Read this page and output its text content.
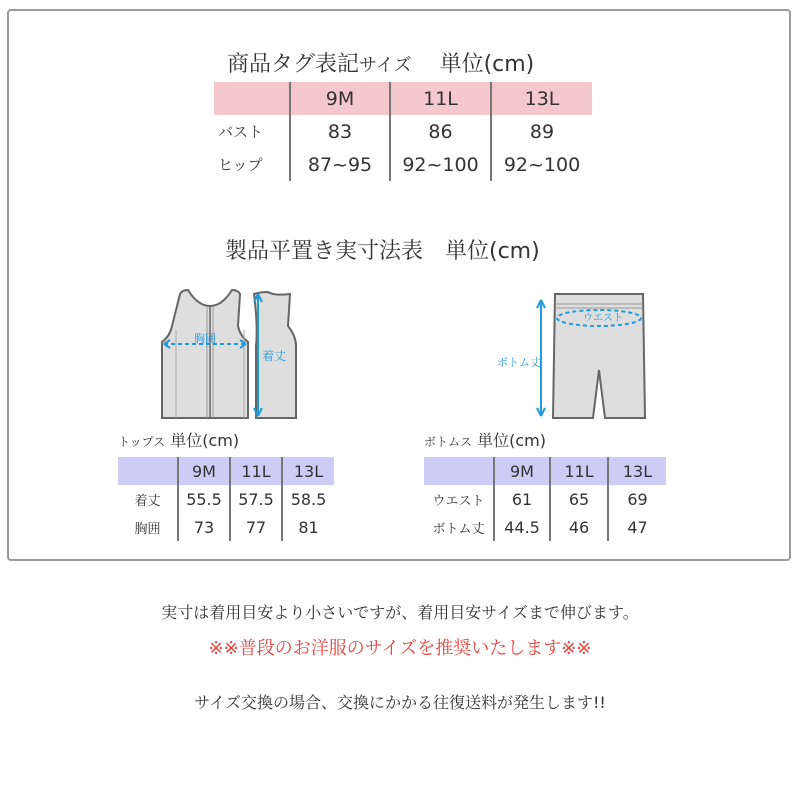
商品タグ表記サイズ 単位(cm)
	9M	11L	13L
バスト	83	86	89
ヒップ	87~95	92~100	92~100
製品平置き実寸法表　単位(cm)
胸囲
着丈
ウエスト
ボトム丈
トップス 単位(cm)	ボトムス 単位(cm)
	9M	11L	13L
着丈	55.5	57.5	58.5
胸囲	73	77	81
	9M	11L	13L
ウエスト	61	65	69
ボトム丈	44.5	46	47
実寸は着用目安より小さいですが、着用目安サイズまで伸びます。
※※普段のお洋服のサイズを推奨いたします※※
サイズ交換の場合、交換にかかる往復送料が発生します!!
